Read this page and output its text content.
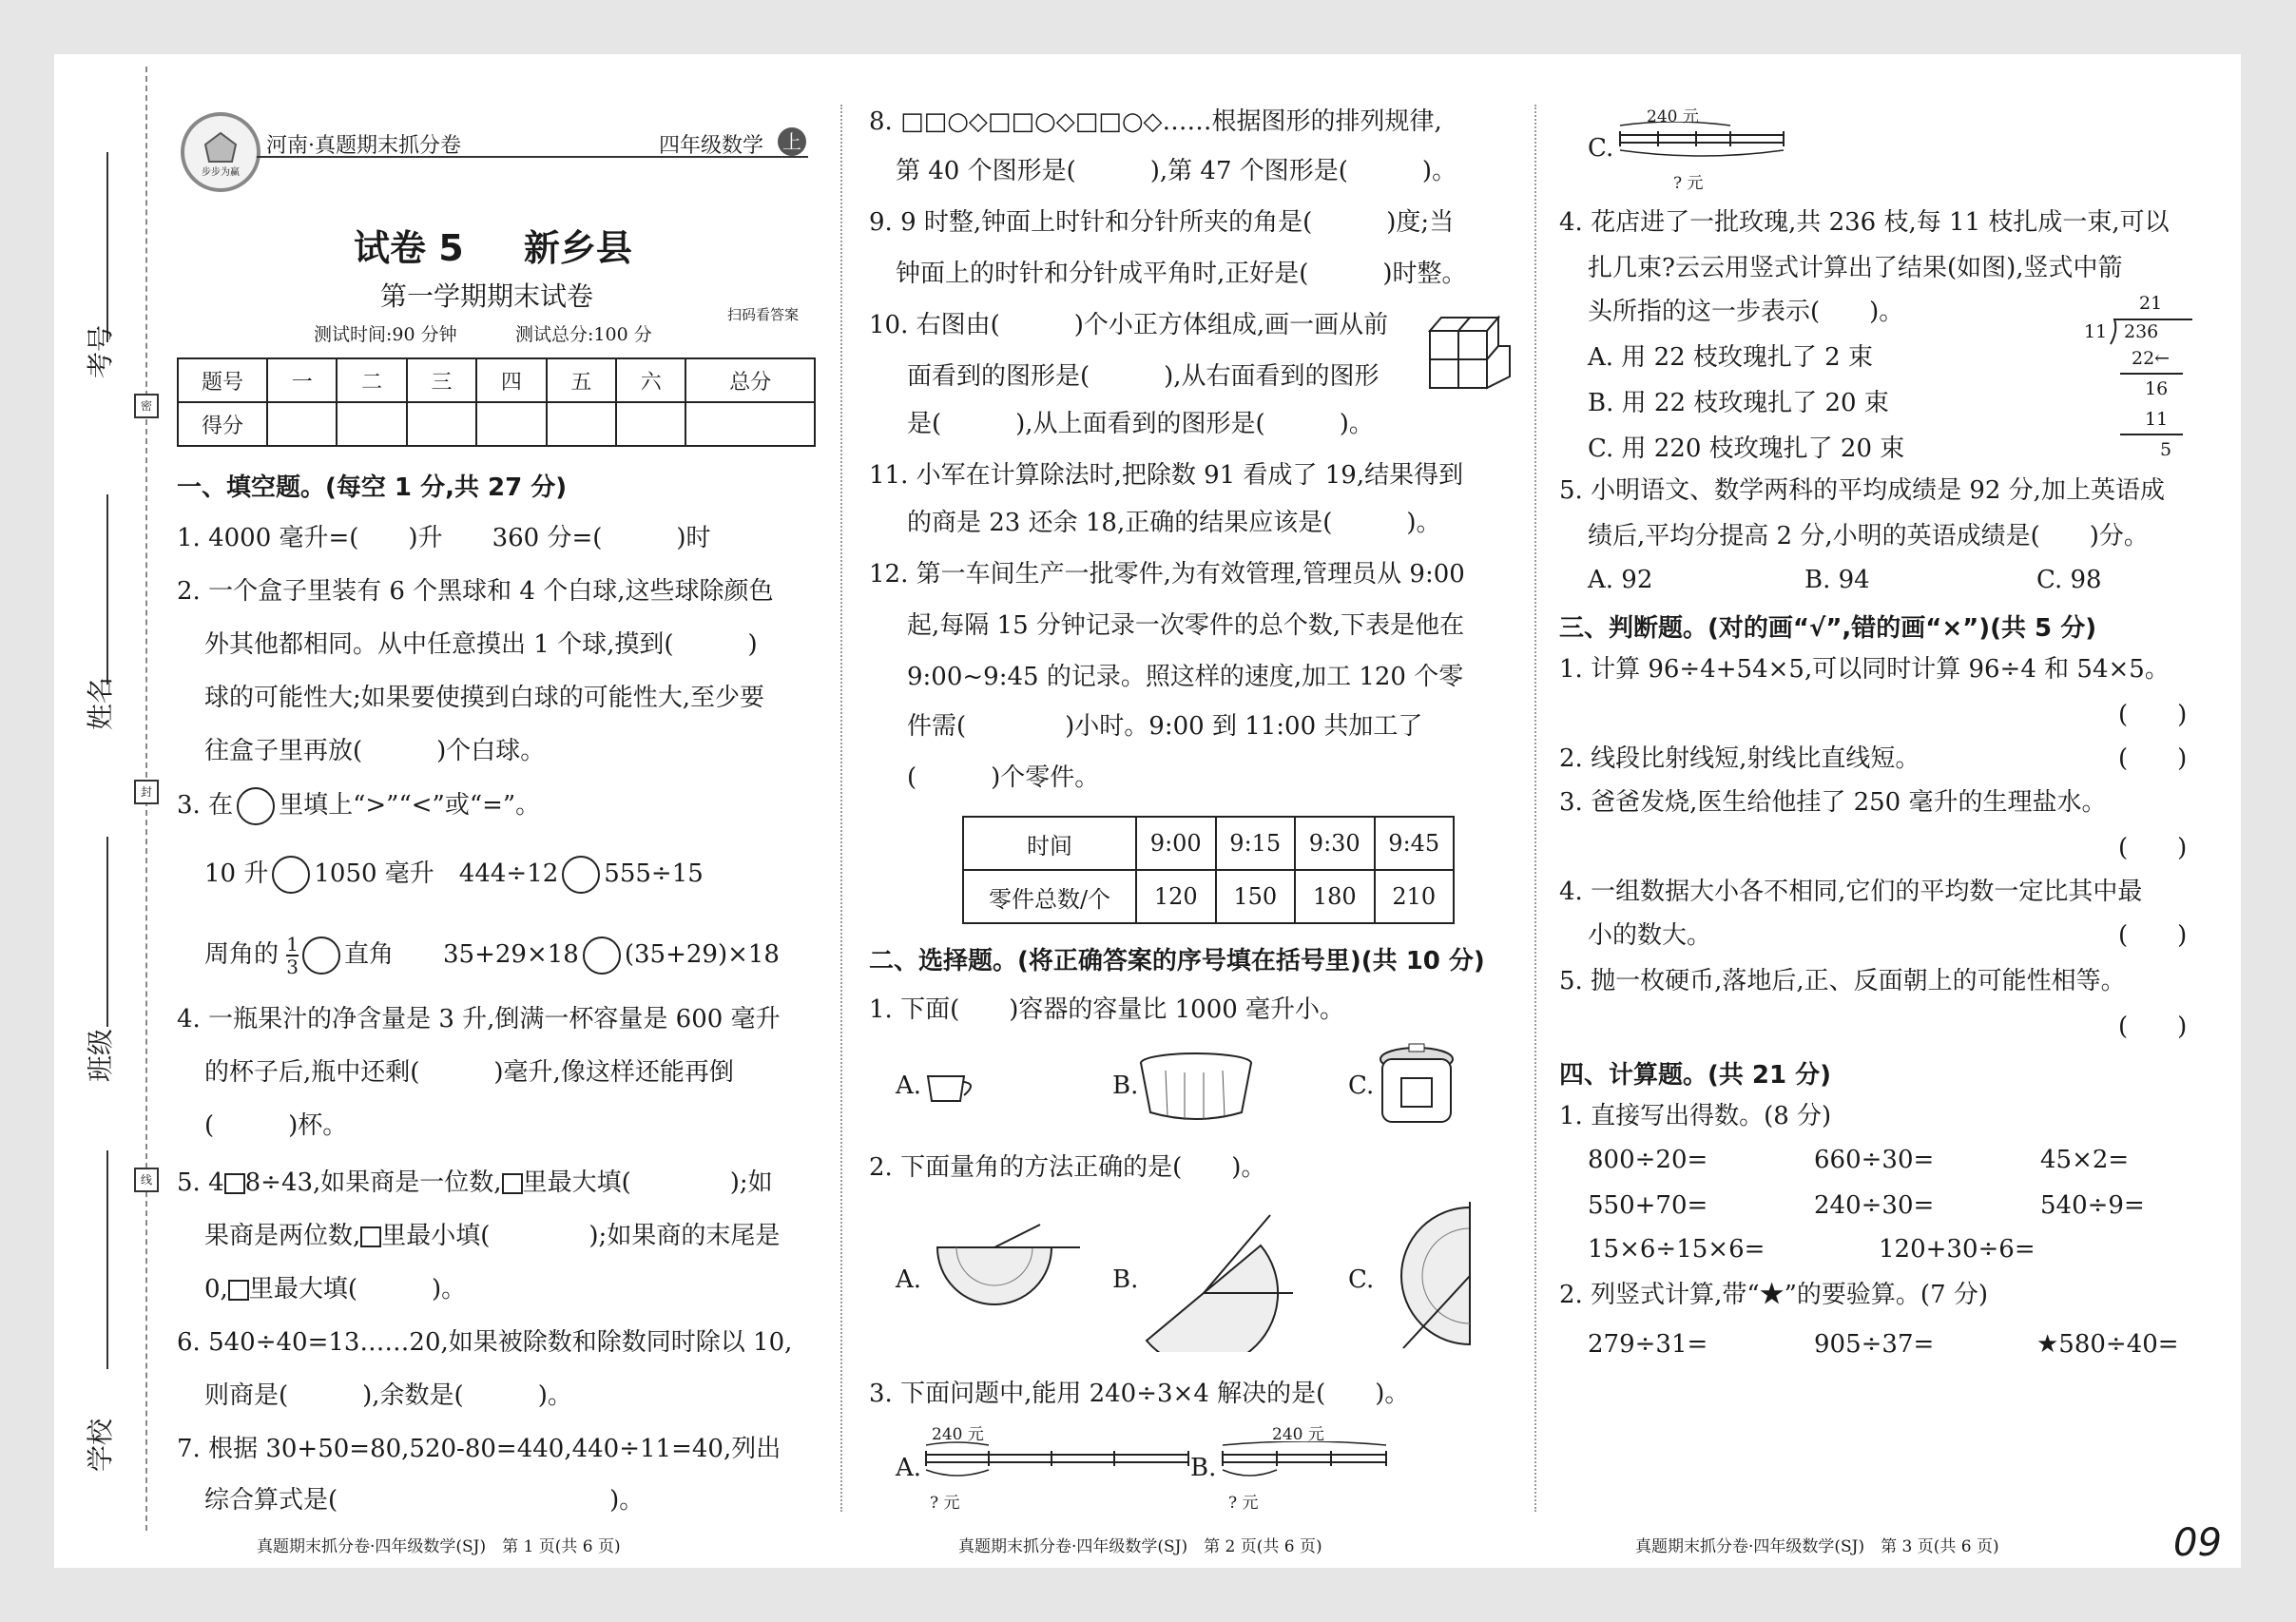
考号
姓名
班级
学校
密
封
线
步步为赢
河南·真题期末抓分卷	四年级数学 上
试卷 5 新乡县
第一学期期末试卷
测试时间:90 分钟	测试总分:100 分
扫码看答案
题号	一	二	三	四	五	六	总分
得分							
一、填空题。(每空 1 分,共 27 分)
1. 4000 毫升=(　　)升　　360 分=(　　　)时
2. 一个盒子里装有 6 个黑球和 4 个白球,这些球除颜色
外其他都相同。从中任意摸出 1 个球,摸到(　　　)
球的可能性大;如果要使摸到白球的可能性大,至少要
往盒子里再放(　　　)个白球。
3. 在 里填上“>”“<”或“=”。
10 升 1050 毫升　444÷12 555÷15
周角的 $\frac{1}{3}$ 直角　　35+29×18 (35+29)×18
4. 一瓶果汁的净含量是 3 升,倒满一杯容量是 600 毫升
的杯子后,瓶中还剩(　　　)毫升,像这样还能再倒
(　　　)杯。
5. 4 8÷43,如果商是一位数, 里最大填(　　　　);如
果商是两位数, 里最小填(　　　　);如果商的末尾是
0, 里最大填(　　　)。
6. 540÷40=13……20,如果被除数和除数同时除以 10,
则商是(　　　),余数是(　　　)。
7. 根据 30+50=80,520-80=440,440÷11=40,列出
综合算式是(　　　　　　　　　　　)。
8. □□○◇□□○◇□□○◇……根据图形的排列规律,
第 40 个图形是(　　　),第 47 个图形是(　　　)。
9. 9 时整,钟面上时针和分针所夹的角是(　　　)度;当
钟面上的时针和分针成平角时,正好是(　　　)时整。
10. 右图由(　　　)个小正方体组成,画一画从前
面看到的图形是(　　　),从右面看到的图形
是(　　　),从上面看到的图形是(　　　)。
11. 小军在计算除法时,把除数 91 看成了 19,结果得到
的商是 23 还余 18,正确的结果应该是(　　　)。
12. 第一车间生产一批零件,为有效管理,管理员从 9:00
起,每隔 15 分钟记录一次零件的总个数,下表是他在
9:00~9:45 的记录。照这样的速度,加工 120 个零
件需(　　　　)小时。9:00 到 11:00 共加工了
(　　　)个零件。
时间	9:00	9:15	9:30	9:45
零件总数/个	120	150	180	210
二、选择题。(将正确答案的序号填在括号里)(共 10 分)
1. 下面(　　)容器的容量比 1000 毫升小。
A.	B.	C.
2. 下面量角的方法正确的是(　　)。
A.	B.	C.
3. 下面问题中,能用 240÷3×4 解决的是(　　)。
A.
240 元
? 元
B.
240 元
? 元
C.
240 元
? 元
4. 花店进了一批玫瑰,共 236 枝,每 11 枝扎成一束,可以
扎几束?云云用竖式计算出了结果(如图),竖式中箭
头所指的这一步表示(　　)。
A. 用 22 枝玫瑰扎了 2 束
B. 用 22 枝玫瑰扎了 20 束
C. 用 220 枝玫瑰扎了 20 束
21
11 236
22←
16
11
5
5. 小明语文、数学两科的平均成绩是 92 分,加上英语成
绩后,平均分提高 2 分,小明的英语成绩是(　　)分。
A. 92	B. 94	C. 98
三、判断题。(对的画“√”,错的画“×”)(共 5 分)
1. 计算 96÷4+54×5,可以同时计算 96÷4 和 54×5。
(　　)
2. 线段比射线短,射线比直线短。	(　　)
3. 爸爸发烧,医生给他挂了 250 毫升的生理盐水。
(　　)
4. 一组数据大小各不相同,它们的平均数一定比其中最
小的数大。	(　　)
5. 抛一枚硬币,落地后,正、反面朝上的可能性相等。
(　　)
四、计算题。(共 21 分)
1. 直接写出得数。(8 分)
800÷20=	660÷30=	45×2=
550+70=	240÷30=	540÷9=
15×6÷15×6=	120+30÷6=
2. 列竖式计算,带“★”的要验算。(7 分)
279÷31=	905÷37=	★580÷40=
真题期末抓分卷·四年级数学(SJ)　第 1 页(共 6 页)	真题期末抓分卷·四年级数学(SJ)　第 2 页(共 6 页)	真题期末抓分卷·四年级数学(SJ)　第 3 页(共 6 页)	09
